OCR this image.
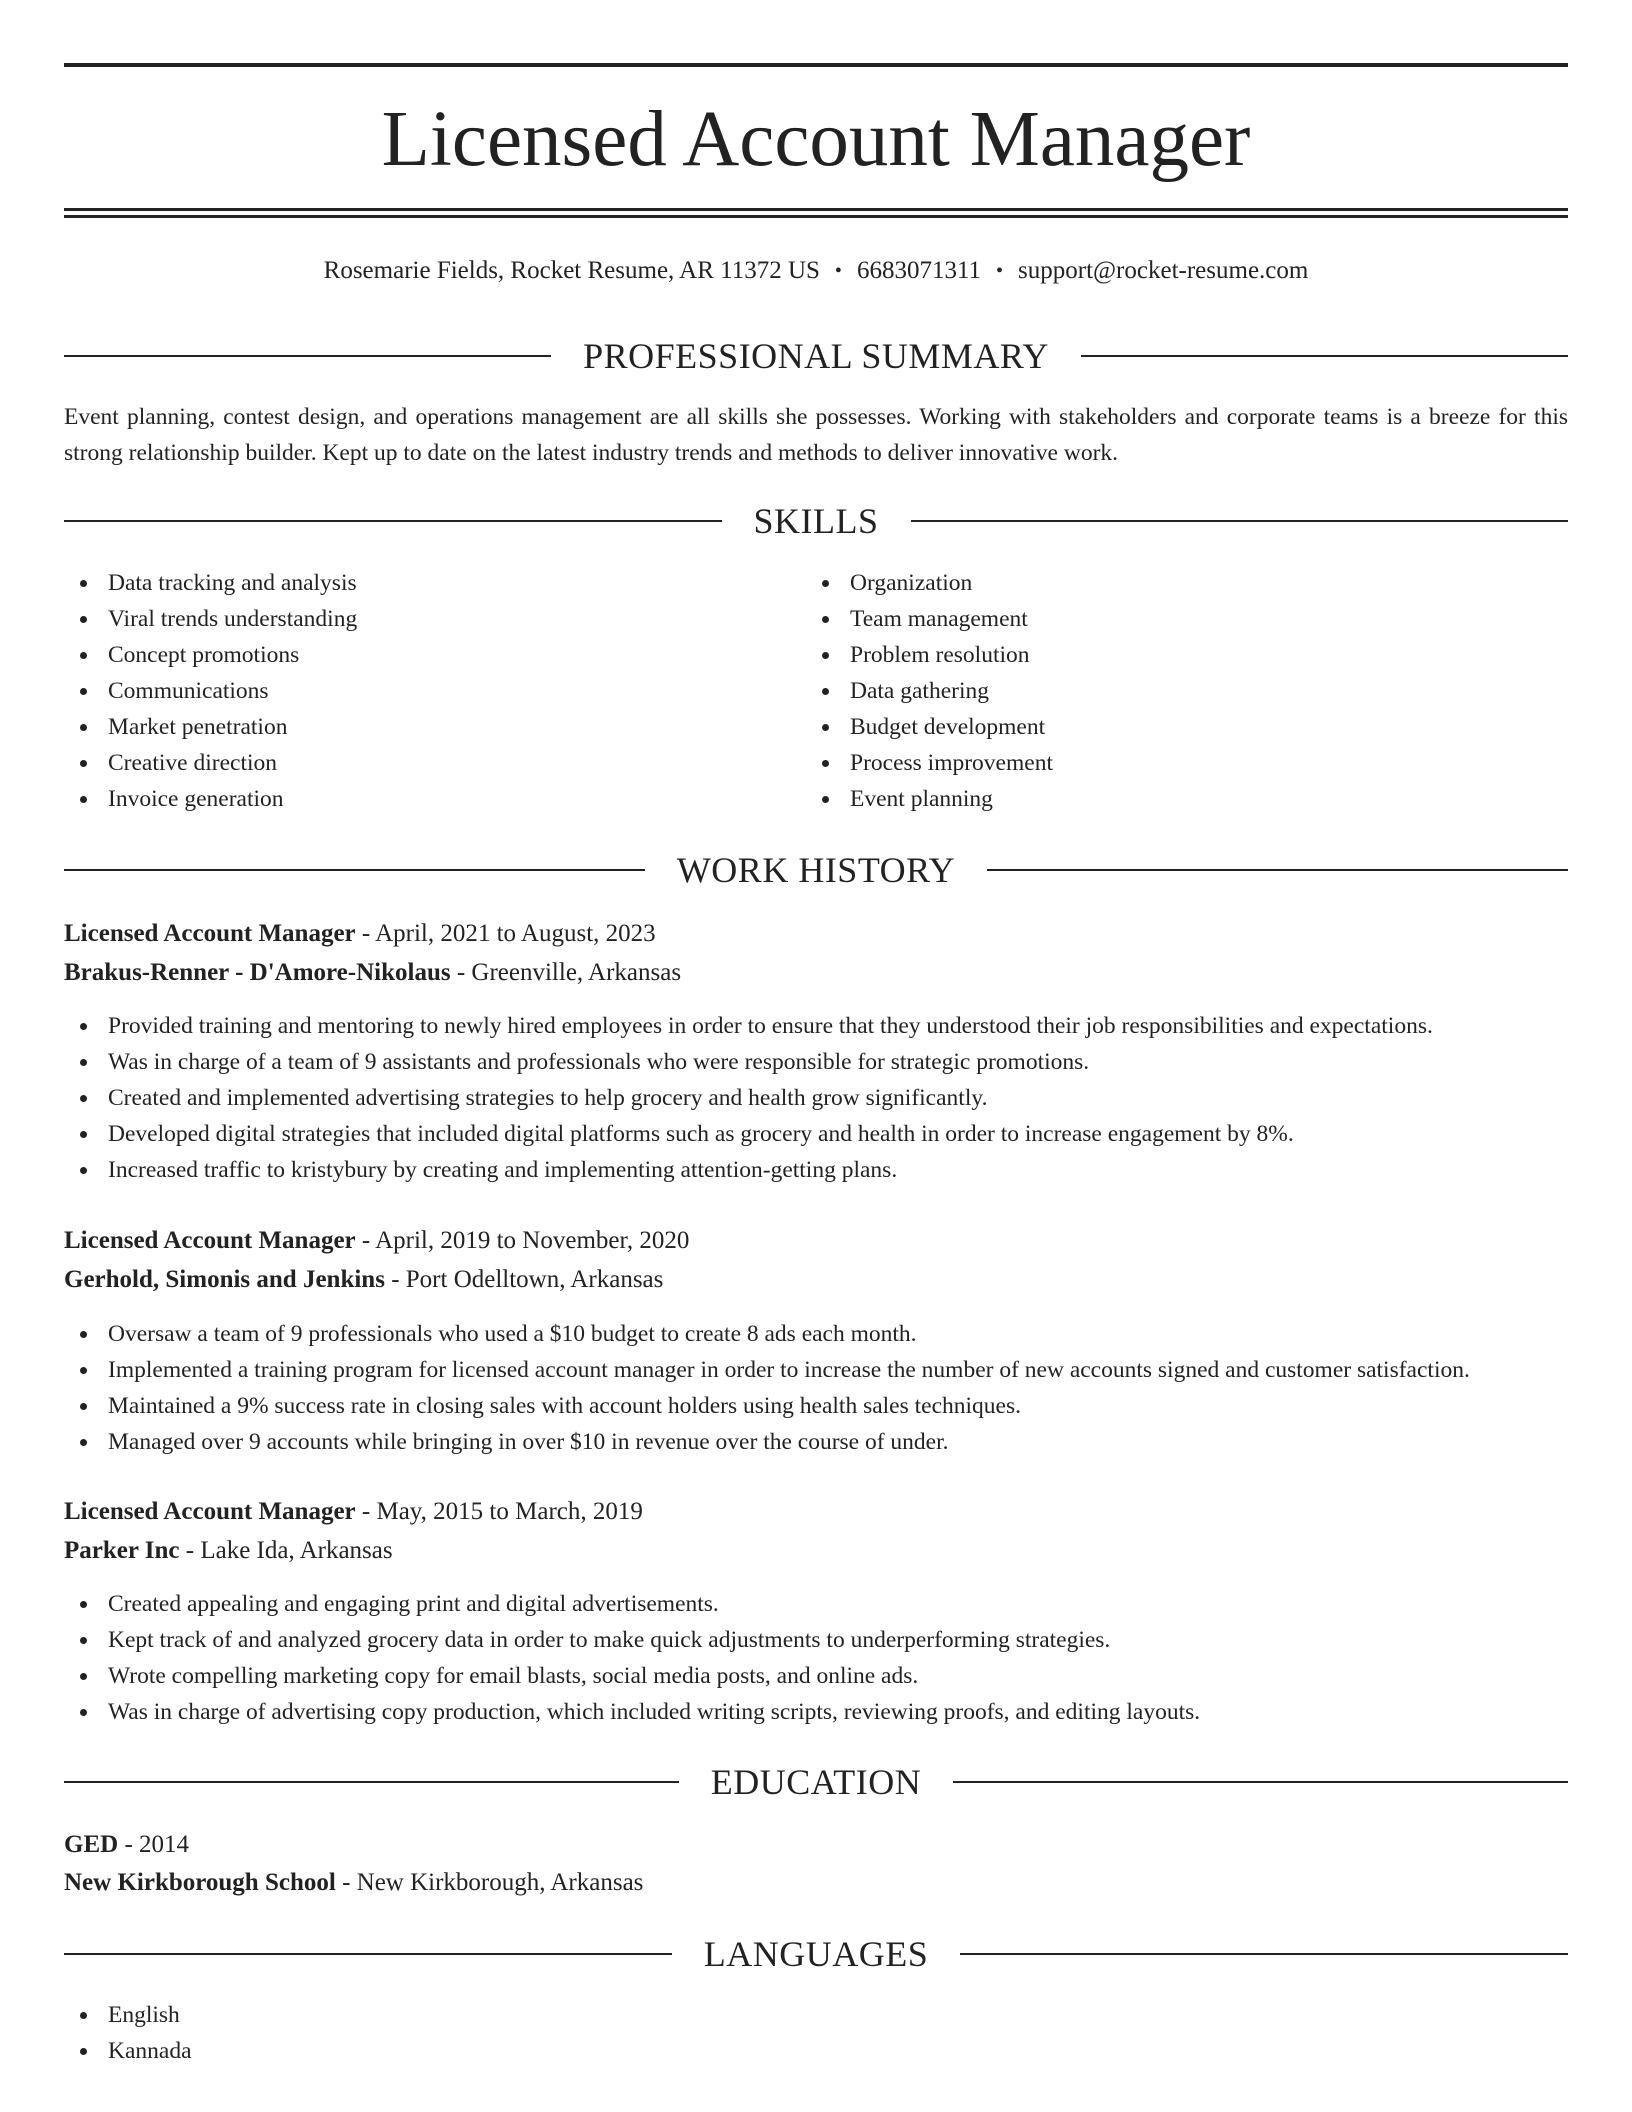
Licensed Account Manager
Rosemarie Fields, Rocket Resume, AR 11372 US • 6683071311 • support@rocket-resume.com
PROFESSIONAL SUMMARY

Event planning, contest design, and operations management are all skills she possesses. Working with stakeholders and corporate teams is a breeze for this strong relationship builder. Kept up to date on the latest industry trends and methods to deliver innovative work.

SKILLS
Data tracking and analysis
Viral trends understanding
Concept promotions
Communications
Market penetration
Creative direction
Invoice generation
Organization
Team management
Problem resolution
Data gathering
Budget development
Process improvement
Event planning
WORK HISTORY
Licensed Account Manager - April, 2021 to August, 2023
Brakus-Renner - D'Amore-Nikolaus - Greenville, Arkansas
Provided training and mentoring to newly hired employees in order to ensure that they understood their job responsibilities and expectations.
Was in charge of a team of 9 assistants and professionals who were responsible for strategic promotions.
Created and implemented advertising strategies to help grocery and health grow significantly.
Developed digital strategies that included digital platforms such as grocery and health in order to increase engagement by 8%.
Increased traffic to kristybury by creating and implementing attention-getting plans.
Licensed Account Manager - April, 2019 to November, 2020
Gerhold, Simonis and Jenkins - Port Odelltown, Arkansas
Oversaw a team of 9 professionals who used a $10 budget to create 8 ads each month.
Implemented a training program for licensed account manager in order to increase the number of new accounts signed and customer satisfaction.
Maintained a 9% success rate in closing sales with account holders using health sales techniques.
Managed over 9 accounts while bringing in over $10 in revenue over the course of under.
Licensed Account Manager - May, 2015 to March, 2019
Parker Inc - Lake Ida, Arkansas
Created appealing and engaging print and digital advertisements.
Kept track of and analyzed grocery data in order to make quick adjustments to underperforming strategies.
Wrote compelling marketing copy for email blasts, social media posts, and online ads.
Was in charge of advertising copy production, which included writing scripts, reviewing proofs, and editing layouts.
EDUCATION
GED - 2014
New Kirkborough School - New Kirkborough, Arkansas
LANGUAGES
English
Kannada
